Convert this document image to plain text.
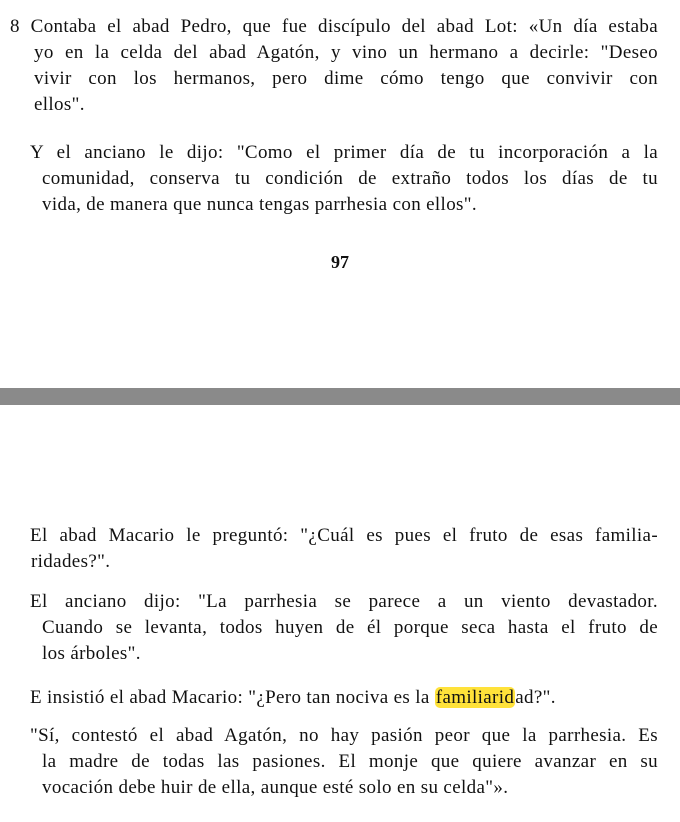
8 Contaba el abad Pedro, que fue discípulo del abad Lot: «Un día estaba
yo en la celda del abad Agatón, y vino un hermano a decirle: "Deseo
vivir con los hermanos, pero dime cómo tengo que convivir con
ellos".
Y el anciano le dijo: "Como el primer día de tu incorporación a la
comunidad, conserva tu condición de extraño todos los días de tu
vida, de manera que nunca tengas parrhesia con ellos".
97
El abad Macario le preguntó: "¿Cuál es pues el fruto de esas familia-
ridades?".
El anciano dijo: "La parrhesia se parece a un viento devastador.
Cuando se levanta, todos huyen de él porque seca hasta el fruto de
los árboles".
E insistió el abad Macario: "¿Pero tan nociva es la familiaridad?".
"Sí, contestó el abad Agatón, no hay pasión peor que la parrhesia. Es
la madre de todas las pasiones. El monje que quiere avanzar en su
vocación debe huir de ella, aunque esté solo en su celda"».
